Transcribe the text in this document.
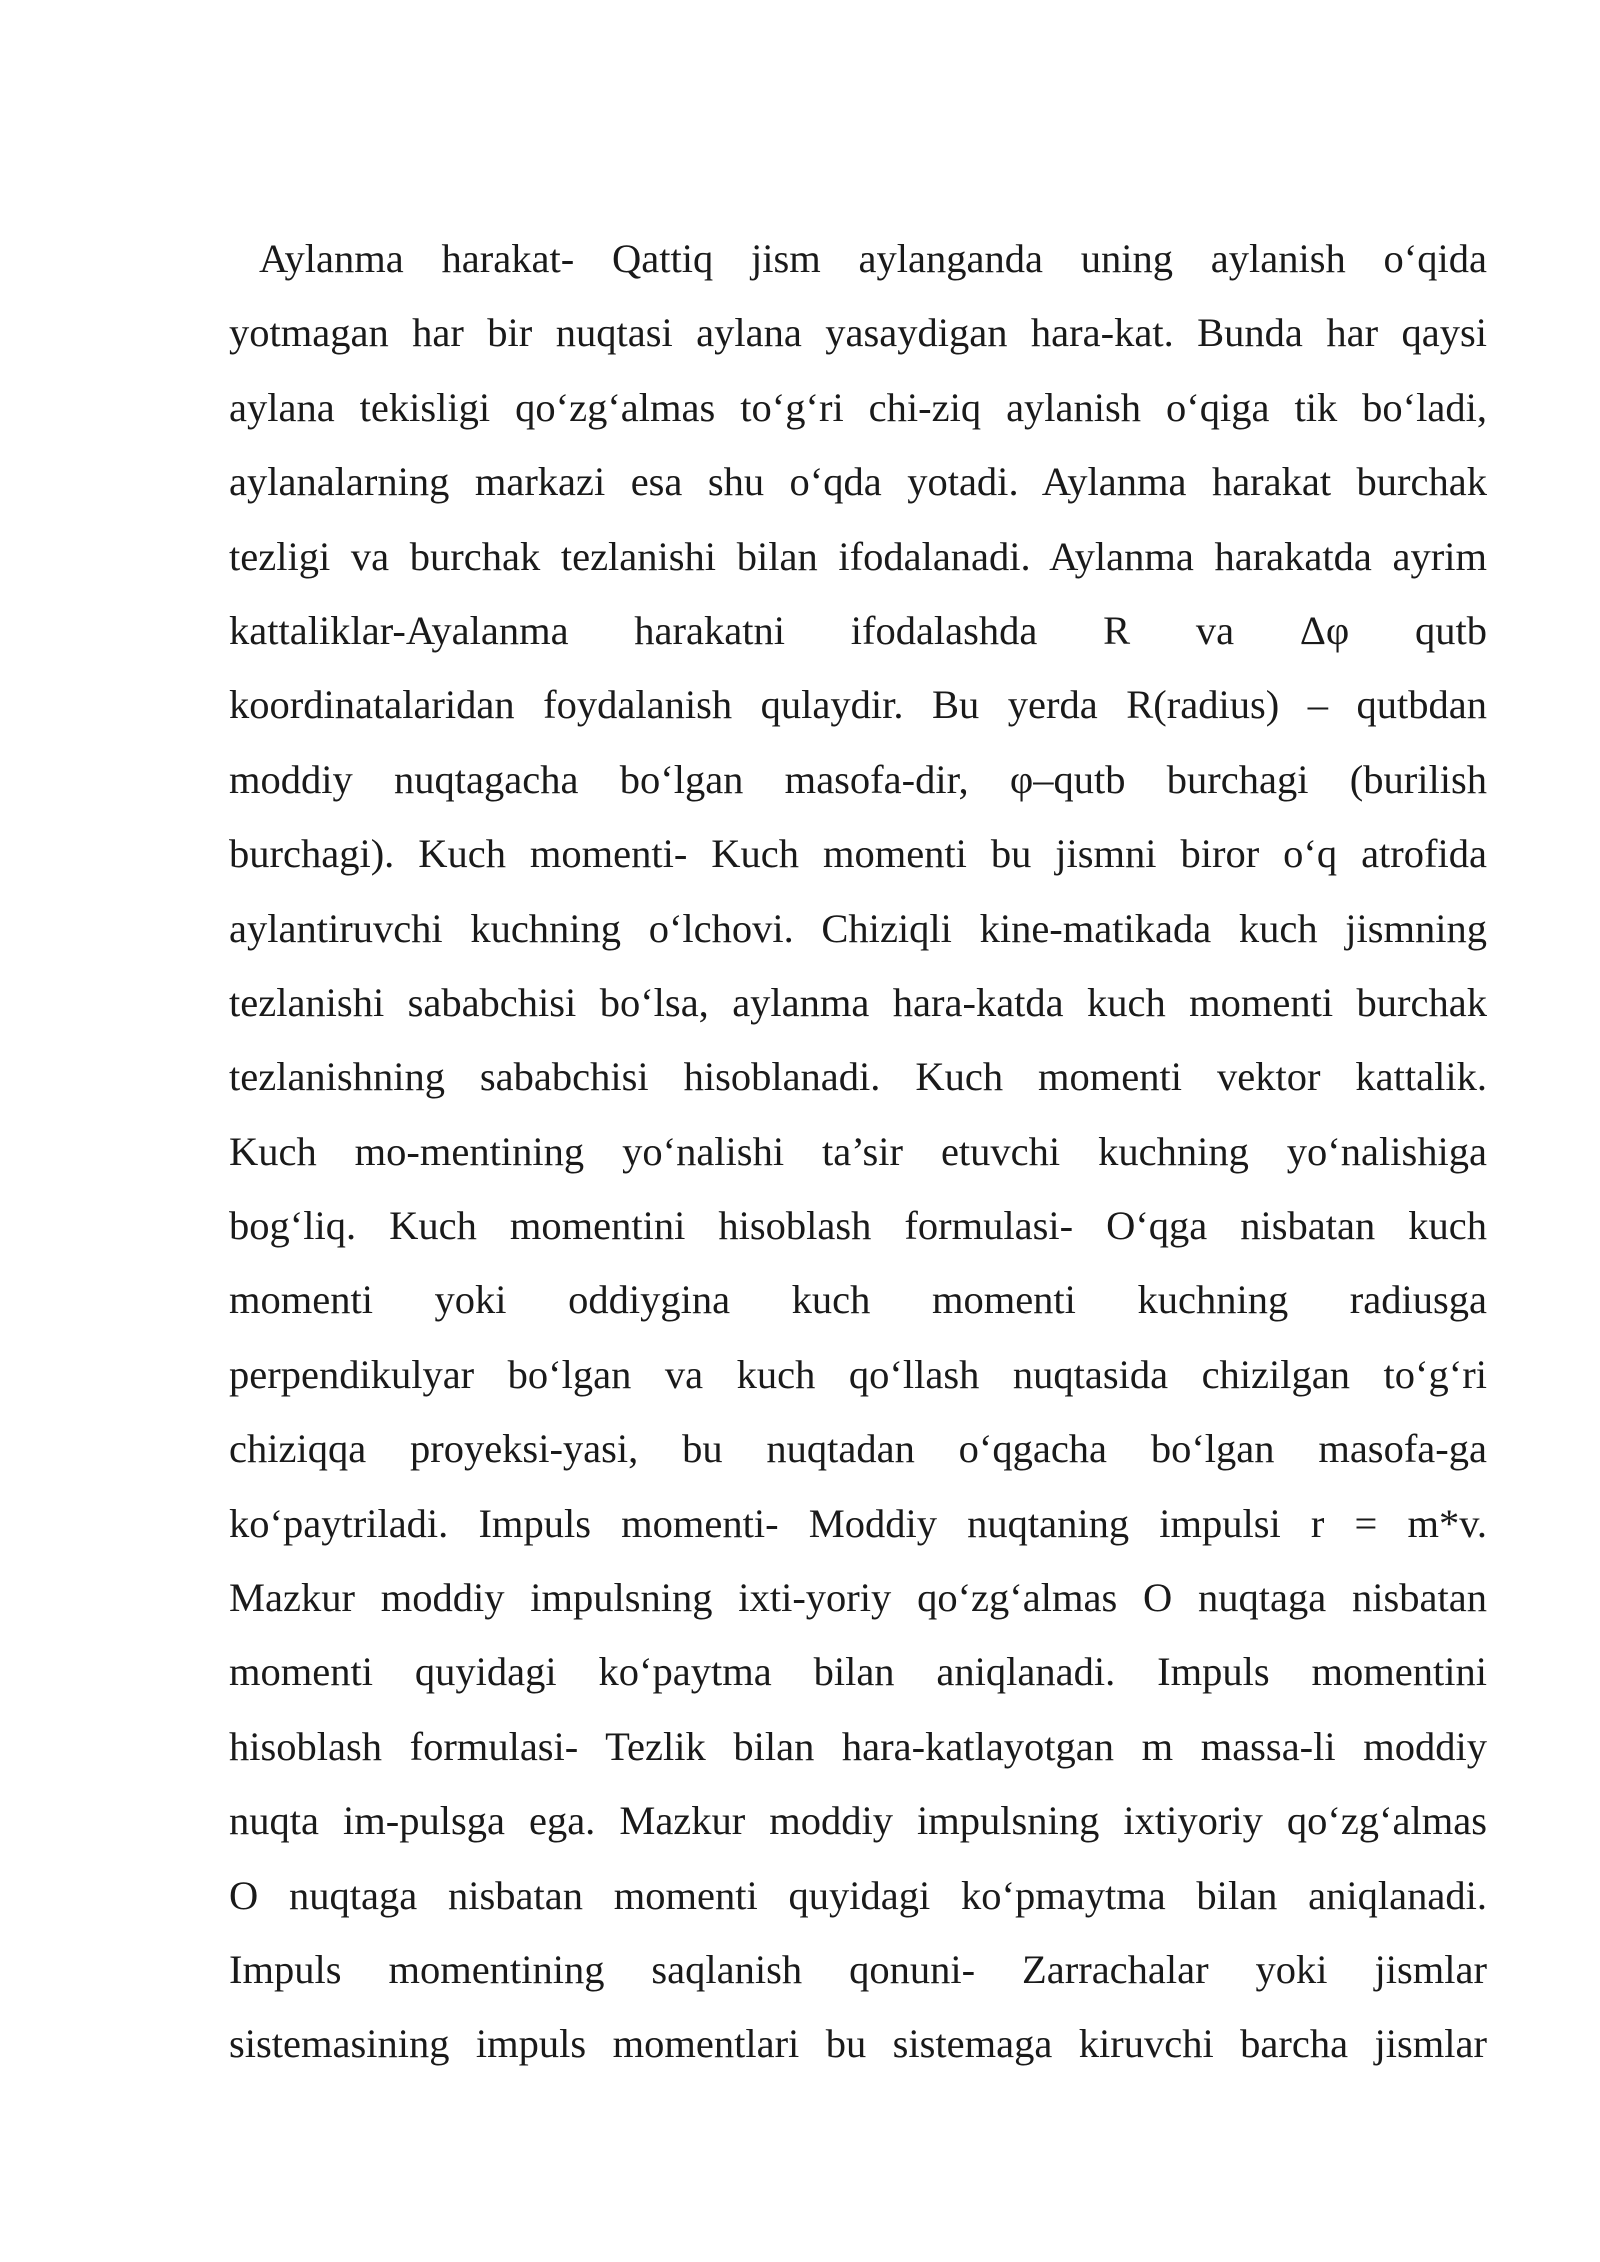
Aylanma harakat- Qattiq jism aylanganda uning aylanish o‘qida
yotmagan har bir nuqtasi aylana yasaydigan hara-kat. Bunda har qaysi
aylana tekisligi qo‘zg‘almas to‘g‘ri chi-ziq aylanish o‘qiga tik bo‘ladi,
aylanalarning markazi esa shu o‘qda yotadi. Aylanma harakat burchak
tezligi va burchak tezlanishi bilan ifodalanadi. Aylanma harakatda ayrim
kattaliklar-Ayalanma harakatni ifodalashda R va Δφ qutb
koordinatalaridan foydalanish qulaydir. Bu yerda R(radius) – qutbdan
moddiy nuqtagacha bo‘lgan masofa-dir, φ–qutb burchagi (burilish
burchagi). Kuch momenti- Kuch momenti bu jismni biror o‘q atrofida
aylantiruvchi kuchning o‘lchovi. Chiziqli kine-matikada kuch jismning
tezlanishi sababchisi bo‘lsa, aylanma hara-katda kuch momenti burchak
tezlanishning sababchisi hisoblanadi. Kuch momenti vektor kattalik.
Kuch mo-mentining yo‘nalishi ta’sir etuvchi kuchning yo‘nalishiga
bog‘liq. Kuch momentini hisoblash formulasi- O‘qga nisbatan kuch
momenti yoki oddiygina kuch momenti kuchning radiusga
perpendikulyar bo‘lgan va kuch qo‘llash nuqtasida chizilgan to‘g‘ri
chiziqqa proyeksi-yasi, bu nuqtadan o‘qgacha bo‘lgan masofa-ga
ko‘paytriladi. Impuls momenti- Moddiy nuqtaning impulsi r = m*v.
Mazkur moddiy impulsning ixti-yoriy qo‘zg‘almas O nuqtaga nisbatan
momenti quyidagi ko‘paytma bilan aniqlanadi. Impuls momentini
hisoblash formulasi- Tezlik bilan hara-katlayotgan m massa-li moddiy
nuqta im-pulsga ega. Mazkur moddiy impulsning ixtiyoriy qo‘zg‘almas
O nuqtaga nisbatan momenti quyidagi ko‘pmaytma bilan aniqlanadi.
Impuls momentining saqlanish qonuni- Zarrachalar yoki jismlar
sistemasining impuls momentlari bu sistemaga kiruvchi barcha jismlar
